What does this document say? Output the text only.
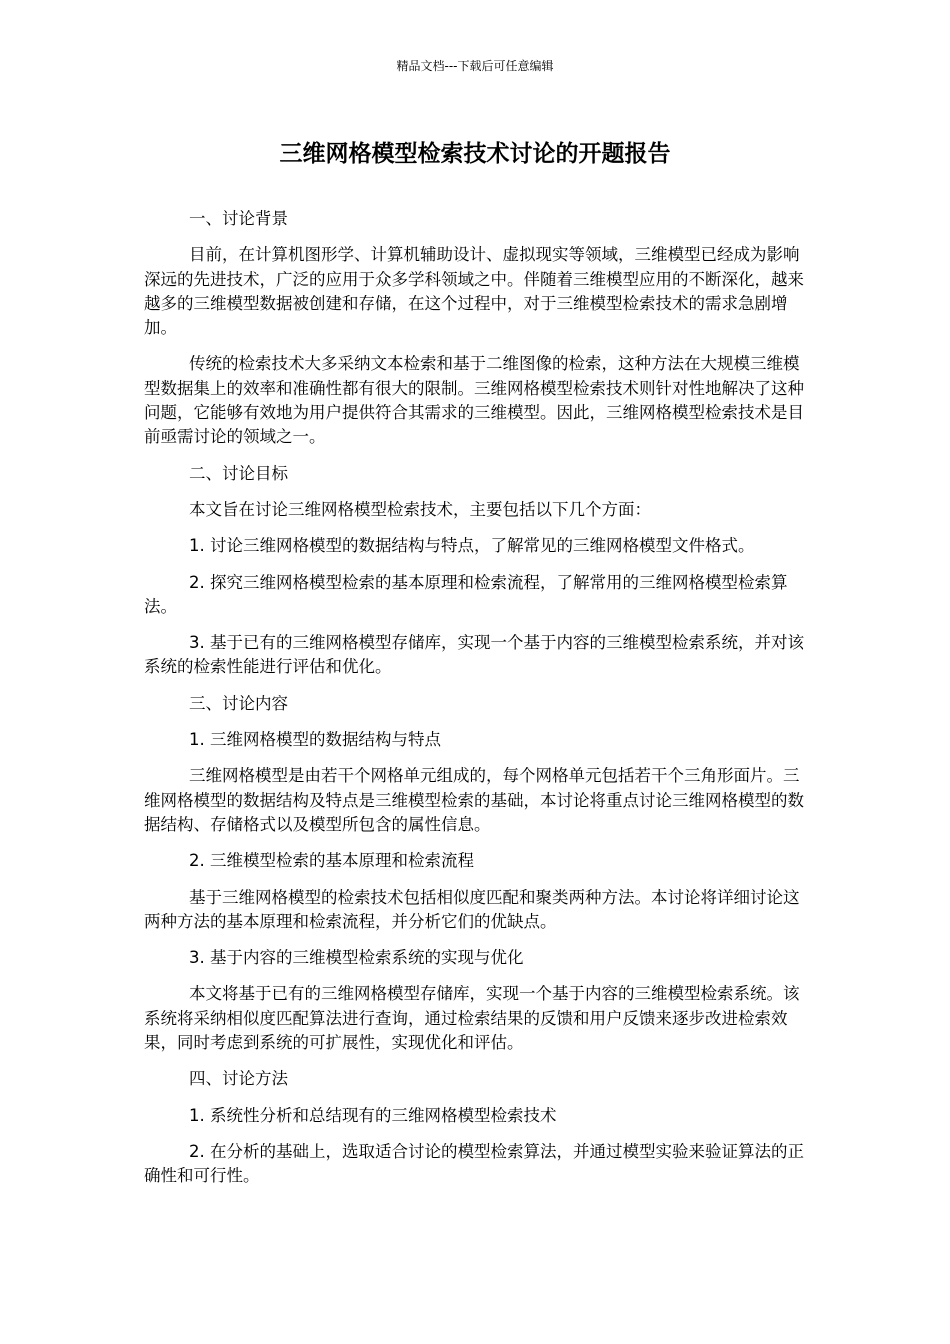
精品文档---下载后可任意编辑
三维网格模型检索技术讨论的开题报告

一、讨论背景

目前，在计算机图形学、计算机辅助设计、虚拟现实等领域，三维模型已经成为影响深远的先进技术，广泛的应用于众多学科领域之中。伴随着三维模型应用的不断深化，越来越多的三维模型数据被创建和存储，在这个过程中，对于三维模型检索技术的需求急剧增加。

传统的检索技术大多采纳文本检索和基于二维图像的检索，这种方法在大规模三维模型数据集上的效率和准确性都有很大的限制。三维网格模型检索技术则针对性地解决了这种问题，它能够有效地为用户提供符合其需求的三维模型。因此，三维网格模型检索技术是目前亟需讨论的领域之一。

二、讨论目标

本文旨在讨论三维网格模型检索技术，主要包括以下几个方面：

1. 讨论三维网格模型的数据结构与特点，了解常见的三维网格模型文件格式。

2. 探究三维网格模型检索的基本原理和检索流程，了解常用的三维网格模型检索算法。

3. 基于已有的三维网格模型存储库，实现一个基于内容的三维模型检索系统，并对该系统的检索性能进行评估和优化。

三、讨论内容

1. 三维网格模型的数据结构与特点

三维网格模型是由若干个网格单元组成的，每个网格单元包括若干个三角形面片。三维网格模型的数据结构及特点是三维模型检索的基础，本讨论将重点讨论三维网格模型的数据结构、存储格式以及模型所包含的属性信息。

2. 三维模型检索的基本原理和检索流程

基于三维网格模型的检索技术包括相似度匹配和聚类两种方法。本讨论将详细讨论这两种方法的基本原理和检索流程，并分析它们的优缺点。

3. 基于内容的三维模型检索系统的实现与优化

本文将基于已有的三维网格模型存储库，实现一个基于内容的三维模型检索系统。该系统将采纳相似度匹配算法进行查询，通过检索结果的反馈和用户反馈来逐步改进检索效果，同时考虑到系统的可扩展性，实现优化和评估。

四、讨论方法

1. 系统性分析和总结现有的三维网格模型检索技术

2. 在分析的基础上，选取适合讨论的模型检索算法，并通过模型实验来验证算法的正确性和可行性。
